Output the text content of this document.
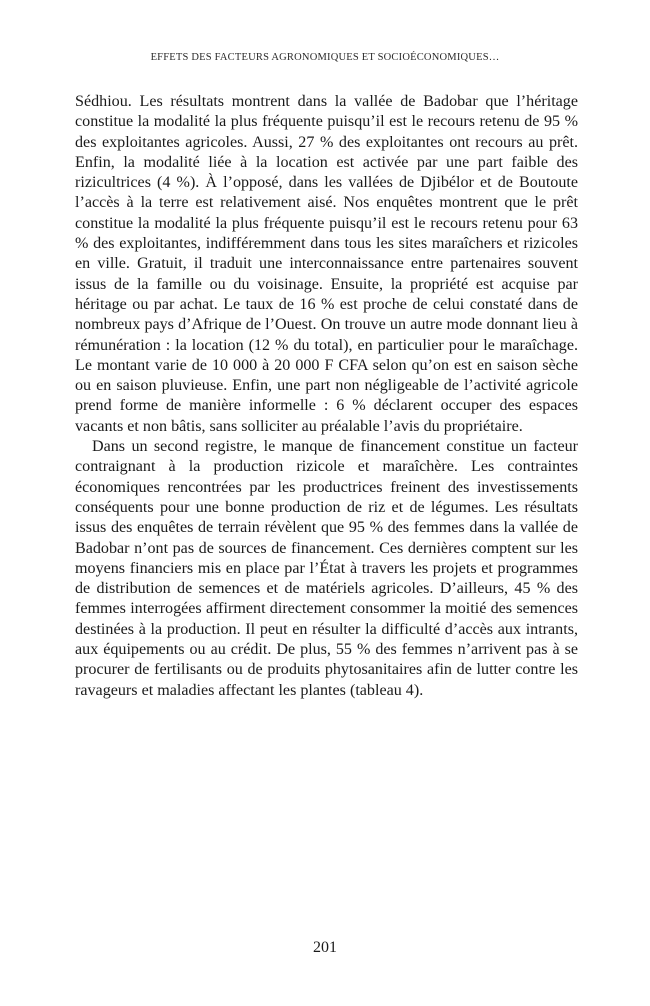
EFFETS DES FACTEURS AGRONOMIQUES ET SOCIOÉCONOMIQUES…

Sédhiou. Les résultats montrent dans la vallée de Badobar que l’héritage constitue la modalité la plus fréquente puisqu’il est le recours retenu de 95 % des exploitantes agricoles. Aussi, 27 % des exploitantes ont recours au prêt. Enfin, la modalité liée à la location est activée par une part faible des rizicultrices (4 %). À l’opposé, dans les vallées de Djibélor et de Boutoute l’accès à la terre est relativement aisé. Nos enquêtes montrent que le prêt constitue la modalité la plus fréquente puisqu’il est le recours retenu pour 63 % des exploitantes, indifféremment dans tous les sites maraîchers et rizicoles en ville. Gratuit, il traduit une interconnaissance entre partenaires souvent issus de la famille ou du voisinage. Ensuite, la propriété est acquise par héritage ou par achat. Le taux de 16 % est proche de celui constaté dans de nombreux pays d’Afrique de l’Ouest. On trouve un autre mode donnant lieu à rémunération : la location (12 % du total), en particulier pour le maraîchage. Le montant varie de 10 000 à 20 000 F CFA selon qu’on est en saison sèche ou en saison pluvieuse. Enfin, une part non négligeable de l’activité agricole prend forme de manière informelle : 6 % déclarent occuper des espaces vacants et non bâtis, sans solliciter au préalable l’avis du propriétaire.

Dans un second registre, le manque de financement constitue un facteur contraignant à la production rizicole et maraîchère. Les contraintes économiques rencontrées par les productrices freinent des investissements conséquents pour une bonne production de riz et de légumes. Les résultats issus des enquêtes de terrain révèlent que 95 % des femmes dans la vallée de Badobar n’ont pas de sources de financement. Ces dernières comptent sur les moyens financiers mis en place par l’État à travers les projets et programmes de distribution de semences et de matériels agricoles. D’ailleurs, 45 % des femmes interrogées affirment directement consommer la moitié des semences destinées à la production. Il peut en résulter la difficulté d’accès aux intrants, aux équipements ou au crédit. De plus, 55 % des femmes n’arrivent pas à se procurer de fertilisants ou de produits phytosanitaires afin de lutter contre les ravageurs et maladies affectant les plantes (tableau 4).

201
